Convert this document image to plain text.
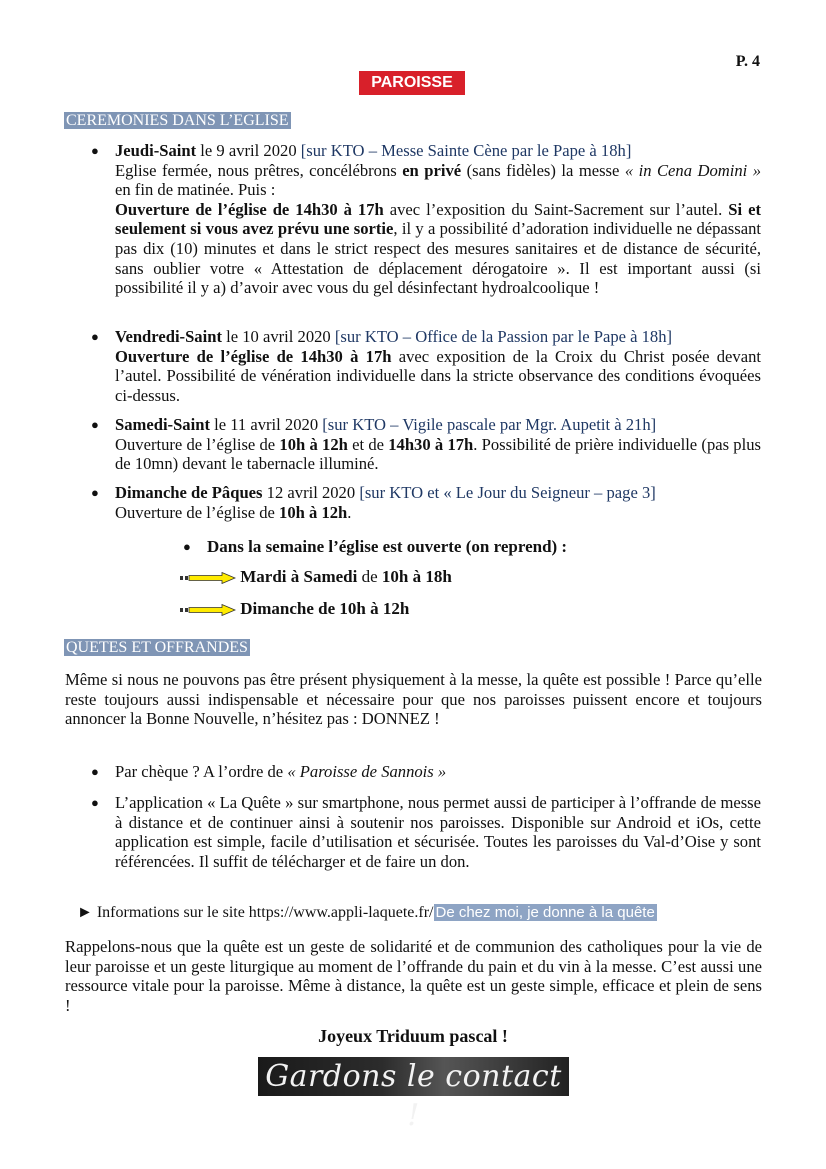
P. 4
PAROISSE
CEREMONIES DANS L’EGLISE
● Jeudi-Saint le 9 avril 2020 [sur KTO – Messe Sainte Cène par le Pape à 18h]
Eglise fermée, nous prêtres, concélébrons en privé (sans fidèles) la messe « in Cena Domini » en fin de matinée. Puis :
Ouverture de l’église de 14h30 à 17h avec l’exposition du Saint-Sacrement sur l’autel. Si et seulement si vous avez prévu une sortie, il y a possibilité d’adoration individuelle ne dépassant pas dix (10) minutes et dans le strict respect des mesures sanitaires et de distance de sécurité, sans oublier votre « Attestation de déplacement dérogatoire ». Il est important aussi (si possibilité il y a) d’avoir avec vous du gel désinfectant hydroalcoolique !
● Vendredi-Saint le 10 avril 2020 [sur KTO – Office de la Passion par le Pape à 18h]
Ouverture de l’église de 14h30 à 17h avec exposition de la Croix du Christ posée devant l’autel. Possibilité de vénération individuelle dans la stricte observance des conditions évoquées ci-dessus.
● Samedi-Saint le 11 avril 2020 [sur KTO – Vigile pascale par Mgr. Aupetit à 21h]
Ouverture de l’église de 10h à 12h et de 14h30 à 17h. Possibilité de prière individuelle (pas plus de 10mn) devant le tabernacle illuminé.
● Dimanche de Pâques 12 avril 2020 [sur KTO et « Le Jour du Seigneur – page 3]
Ouverture de l’église de 10h à 12h.
● Dans la semaine l’église est ouverte (on reprend) :
Mardi à Samedi de 10h à 18h
Dimanche de 10h à 12h
QUETES ET OFFRANDES
Même si nous ne pouvons pas être présent physiquement à la messe, la quête est possible ! Parce qu’elle reste toujours aussi indispensable et nécessaire pour que nos paroisses puissent encore et toujours annoncer la Bonne Nouvelle, n’hésitez pas : DONNEZ !
● Par chèque ? A l’ordre de « Paroisse de Sannois »
● L’application « La Quête » sur smartphone, nous permet aussi de participer à l’offrande de messe à distance et de continuer ainsi à soutenir nos paroisses. Disponible sur Android et iOs, cette application est simple, facile d’utilisation et sécurisée. Toutes les paroisses du Val-d’Oise y sont référencées. Il suffit de télécharger et de faire un don.
► Informations sur le site https://www.appli-laquete.fr/ De chez moi, je donne à la quête
Rappelons-nous que la quête est un geste de solidarité et de communion des catholiques pour la vie de leur paroisse et un geste liturgique au moment de l’offrande du pain et du vin à la messe. C’est aussi une ressource vitale pour la paroisse. Même à distance, la quête est un geste simple, efficace et plein de sens !
Joyeux Triduum pascal !
Gardons le contact !
